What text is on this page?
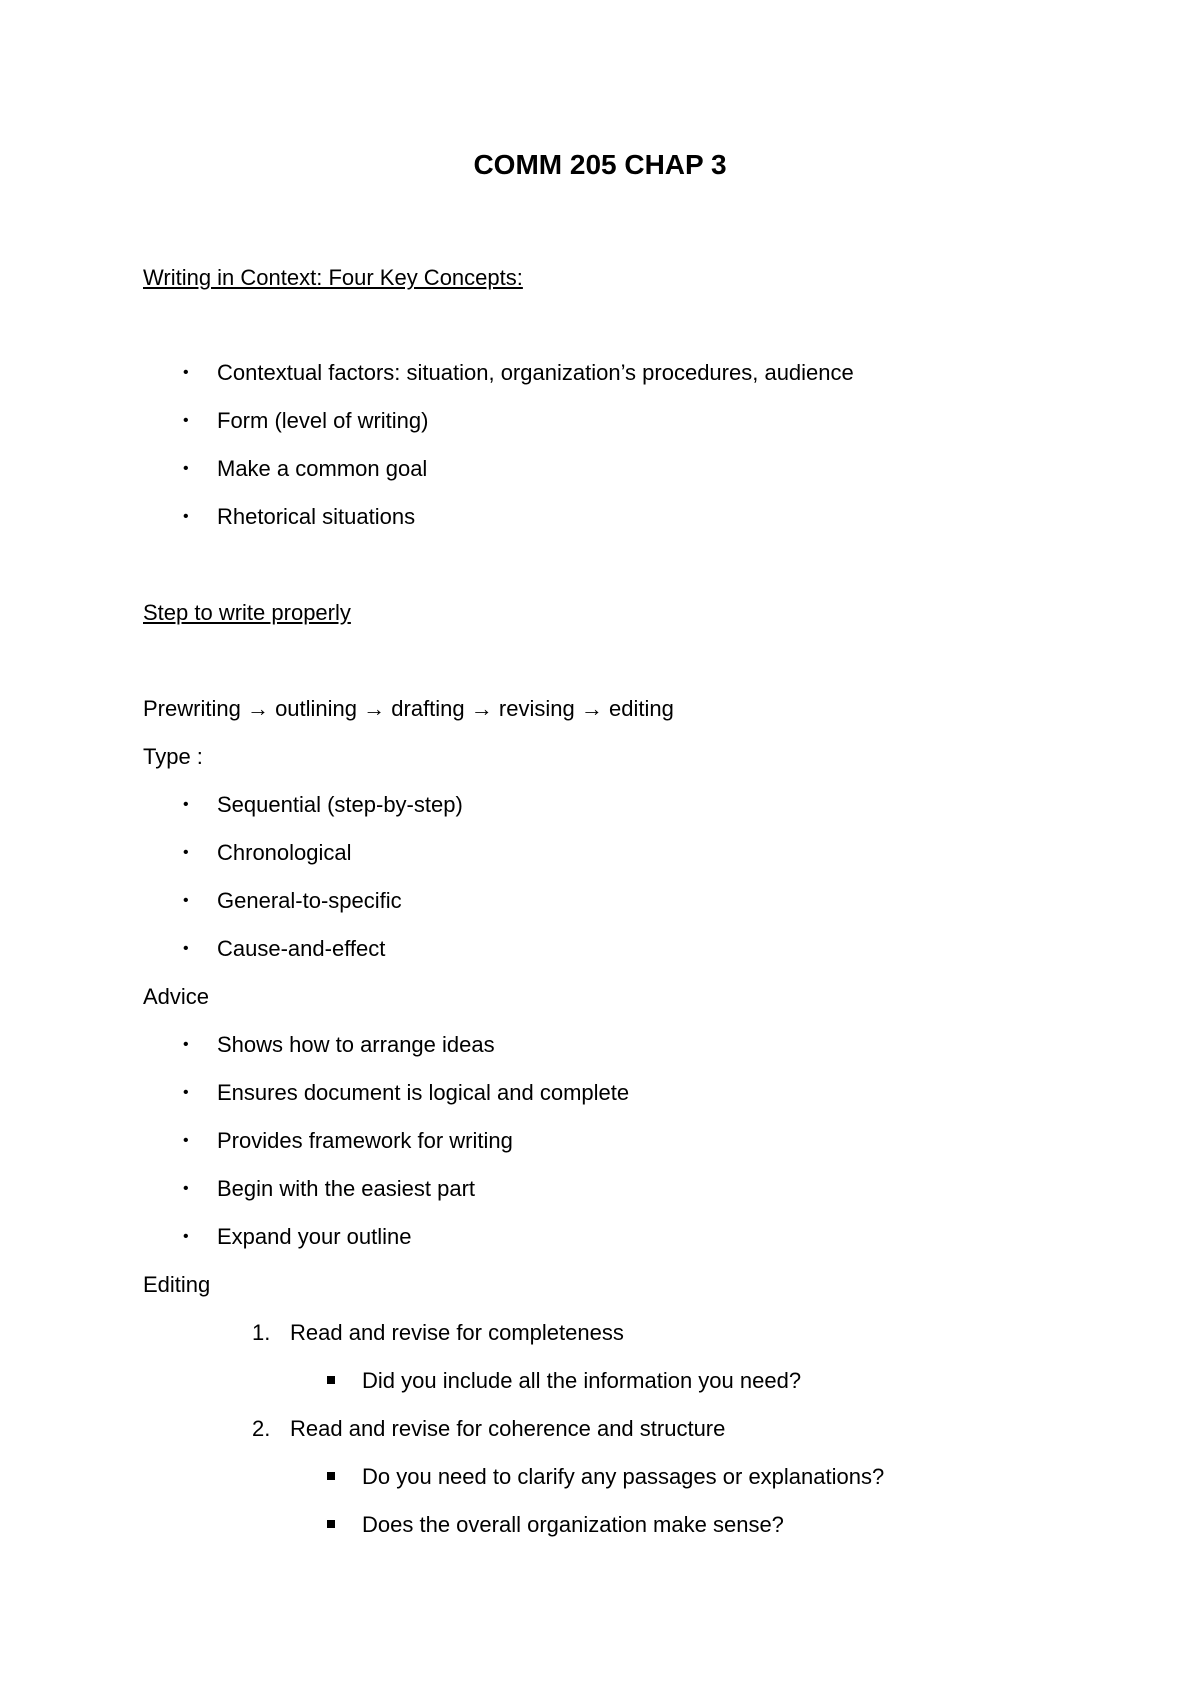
COMM 205 CHAP 3
Writing in Context: Four Key Concepts:
• Contextual factors: situation, organization’s procedures, audience
• Form (level of writing)
• Make a common goal
• Rhetorical situations
Step to write properly
Prewriting → outlining → drafting → revising → editing
Type :
• Sequential (step-by-step)
• Chronological
• General-to-specific
• Cause-and-effect
Advice
• Shows how to arrange ideas
• Ensures document is logical and complete
• Provides framework for writing
• Begin with the easiest part
• Expand your outline
Editing
1. Read and revise for completeness
Did you include all the information you need?
2. Read and revise for coherence and structure
Do you need to clarify any passages or explanations?
Does the overall organization make sense?
